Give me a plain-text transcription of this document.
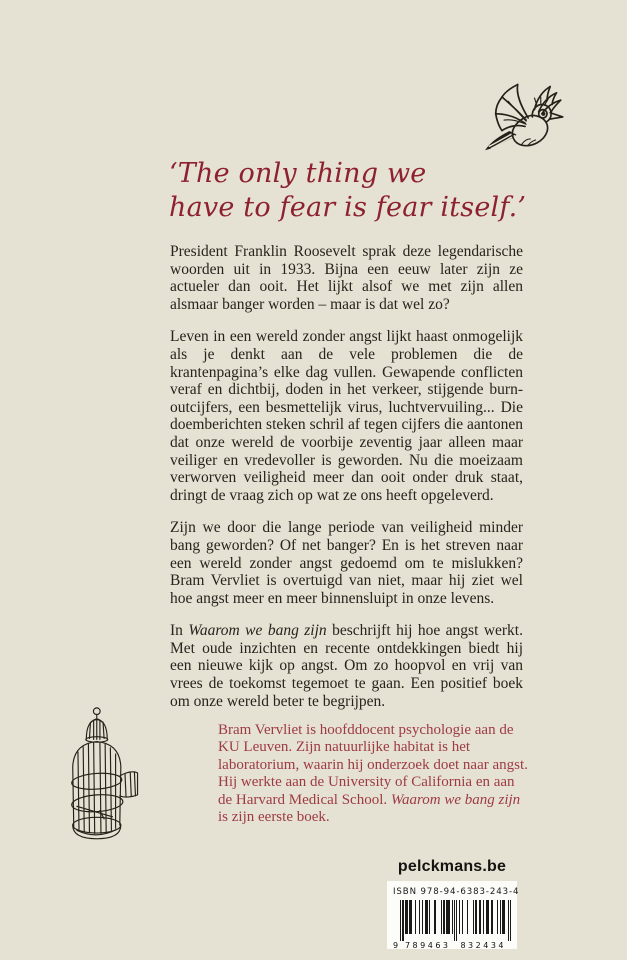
‘The only thing we
have to fear is fear itself.’

President Franklin Roosevelt sprak deze legendarische woorden uit in 1933. Bijna een eeuw later zijn ze actueler dan ooit. Het lijkt alsof we met zijn allen alsmaar banger worden – maar is dat wel zo?

Leven in een wereld zonder angst lijkt haast onmogelijk als je denkt aan de vele problemen die de krantenpagina’s elke dag vullen. Gewapende conflicten veraf en dichtbij, doden in het verkeer, stijgende burn-outcijfers, een besmettelijk virus, luchtvervuiling... Die doemberichten steken schril af tegen cijfers die aantonen dat onze wereld de voorbije zeventig jaar alleen maar veiliger en vredevoller is geworden. Nu die moeizaam verworven veiligheid meer dan ooit onder druk staat, dringt de vraag zich op wat ze ons heeft opgeleverd.

Zijn we door die lange periode van veiligheid minder bang geworden? Of net banger? En is het streven naar een wereld zonder angst gedoemd om te mislukken? Bram Vervliet is overtuigd van niet, maar hij ziet wel hoe angst meer en meer binnensluipt in onze levens.

In Waarom we bang zijn beschrijft hij hoe angst werkt. Met oude inzichten en recente ontdekkingen biedt hij een nieuwe kijk op angst. Om zo hoopvol en vrij van vrees de toekomst tegemoet te gaan. Een positief boek om onze wereld beter te begrijpen.

Bram Vervliet is hoofddocent psychologie aan de KU Leuven. Zijn natuurlijke habitat is het laboratorium, waarin hij onderzoek doet naar angst. Hij werkte aan de University of California en aan de Harvard Medical School. Waarom we bang zijn is zijn eerste boek.

pelckmans.be
ISBN 978-94-6383-243-4
9 789463	832434
